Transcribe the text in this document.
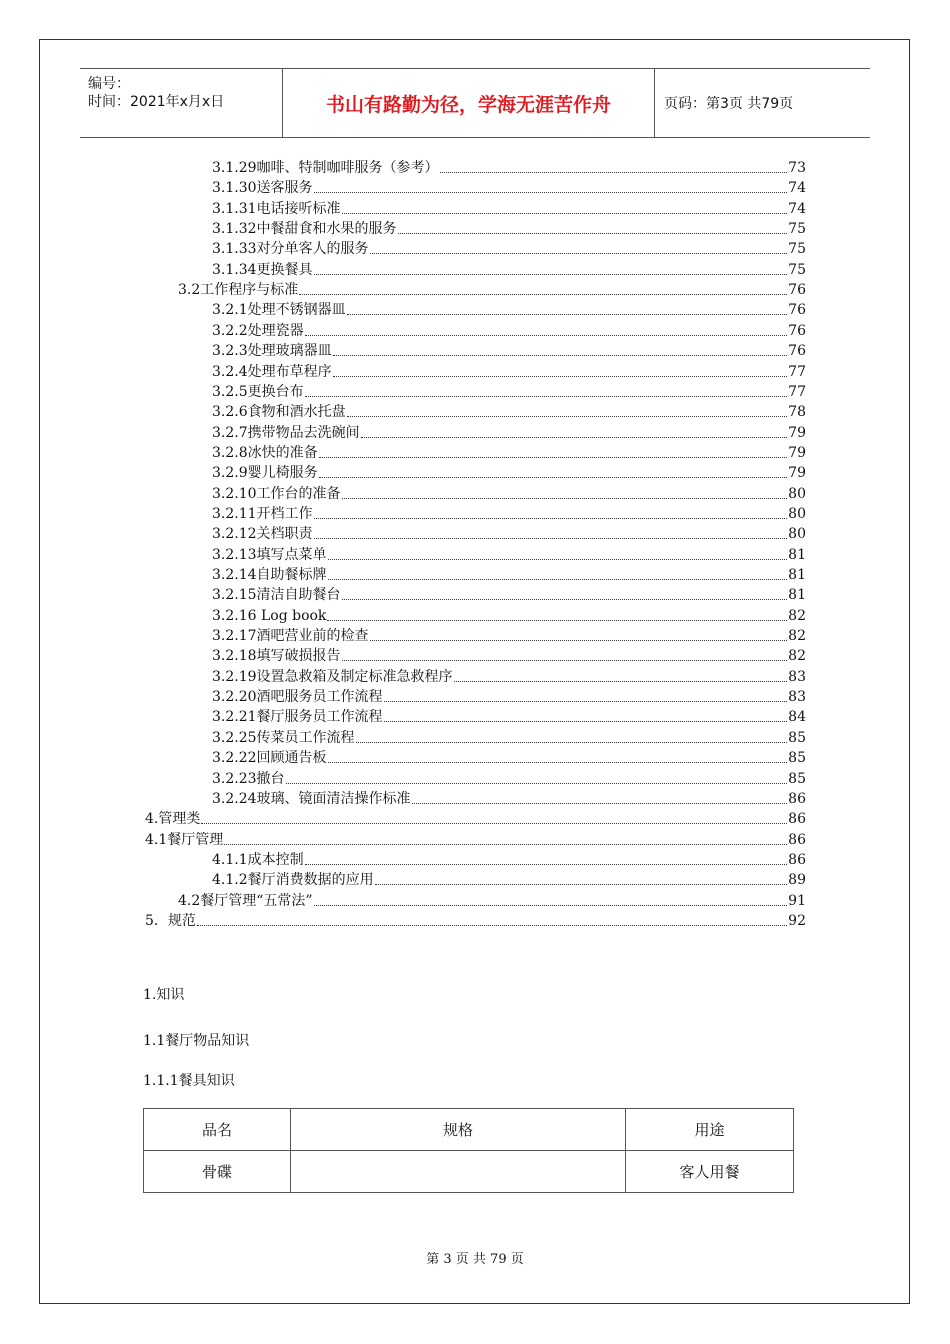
编号：
时间：2021年x月x日	书山有路勤为径，学海无涯苦作舟	页码：第3页 共79页
3.1.29咖啡、特制咖啡服务（参考）	73
3.1.30送客服务	74
3.1.31电话接听标准	74
3.1.32中餐甜食和水果的服务	75
3.1.33对分单客人的服务	75
3.1.34更换餐具	75
3.2工作程序与标准	76
3.2.1处理不锈钢器皿	76
3.2.2处理瓷器	76
3.2.3处理玻璃器皿	76
3.2.4处理布草程序	77
3.2.5更换台布	77
3.2.6食物和酒水托盘	78
3.2.7携带物品去洗碗间	79
3.2.8冰快的准备	79
3.2.9婴儿椅服务	79
3.2.10工作台的准备	80
3.2.11开档工作	80
3.2.12关档职责	80
3.2.13填写点菜单	81
3.2.14自助餐标牌	81
3.2.15清洁自助餐台	81
3.2.16 Log book	82
3.2.17酒吧营业前的检查	82
3.2.18填写破损报告	82
3.2.19设置急救箱及制定标准急救程序	83
3.2.20酒吧服务员工作流程	83
3.2.21餐厅服务员工作流程	84
3.2.25传菜员工作流程	85
3.2.22回顾通告板	85
3.2.23撤台	85
3.2.24玻璃、镜面清洁操作标准	86
4.管理类	86
4.1餐厅管理	86
4.1.1成本控制	86
4.1.2餐厅消费数据的应用	89
4.2餐厅管理“五常法”	91
5．规范	92
1.知识
1.1餐厅物品知识
1.1.1餐具知识
品名	规格	用途
骨碟		客人用餐
第 3 页 共 79 页
